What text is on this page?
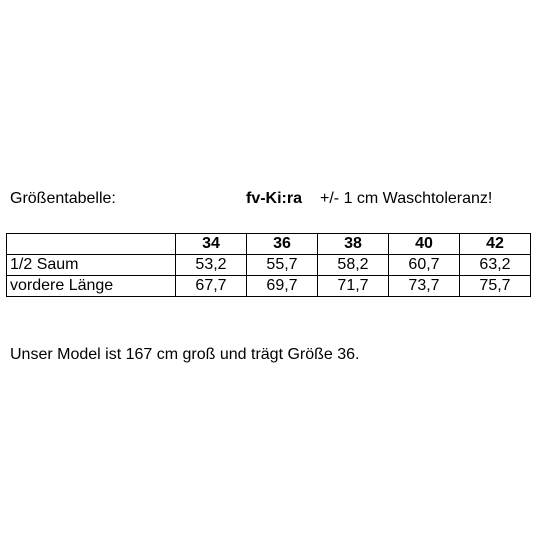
Größentabelle:	fv-Ki:ra +/- 1 cm Waschtoleranz!
	34	36	38	40	42
1/2 Saum	53,2	55,7	58,2	60,7	63,2
vordere Länge	67,7	69,7	71,7	73,7	75,7
Unser Model ist 167 cm groß und trägt Größe 36.
